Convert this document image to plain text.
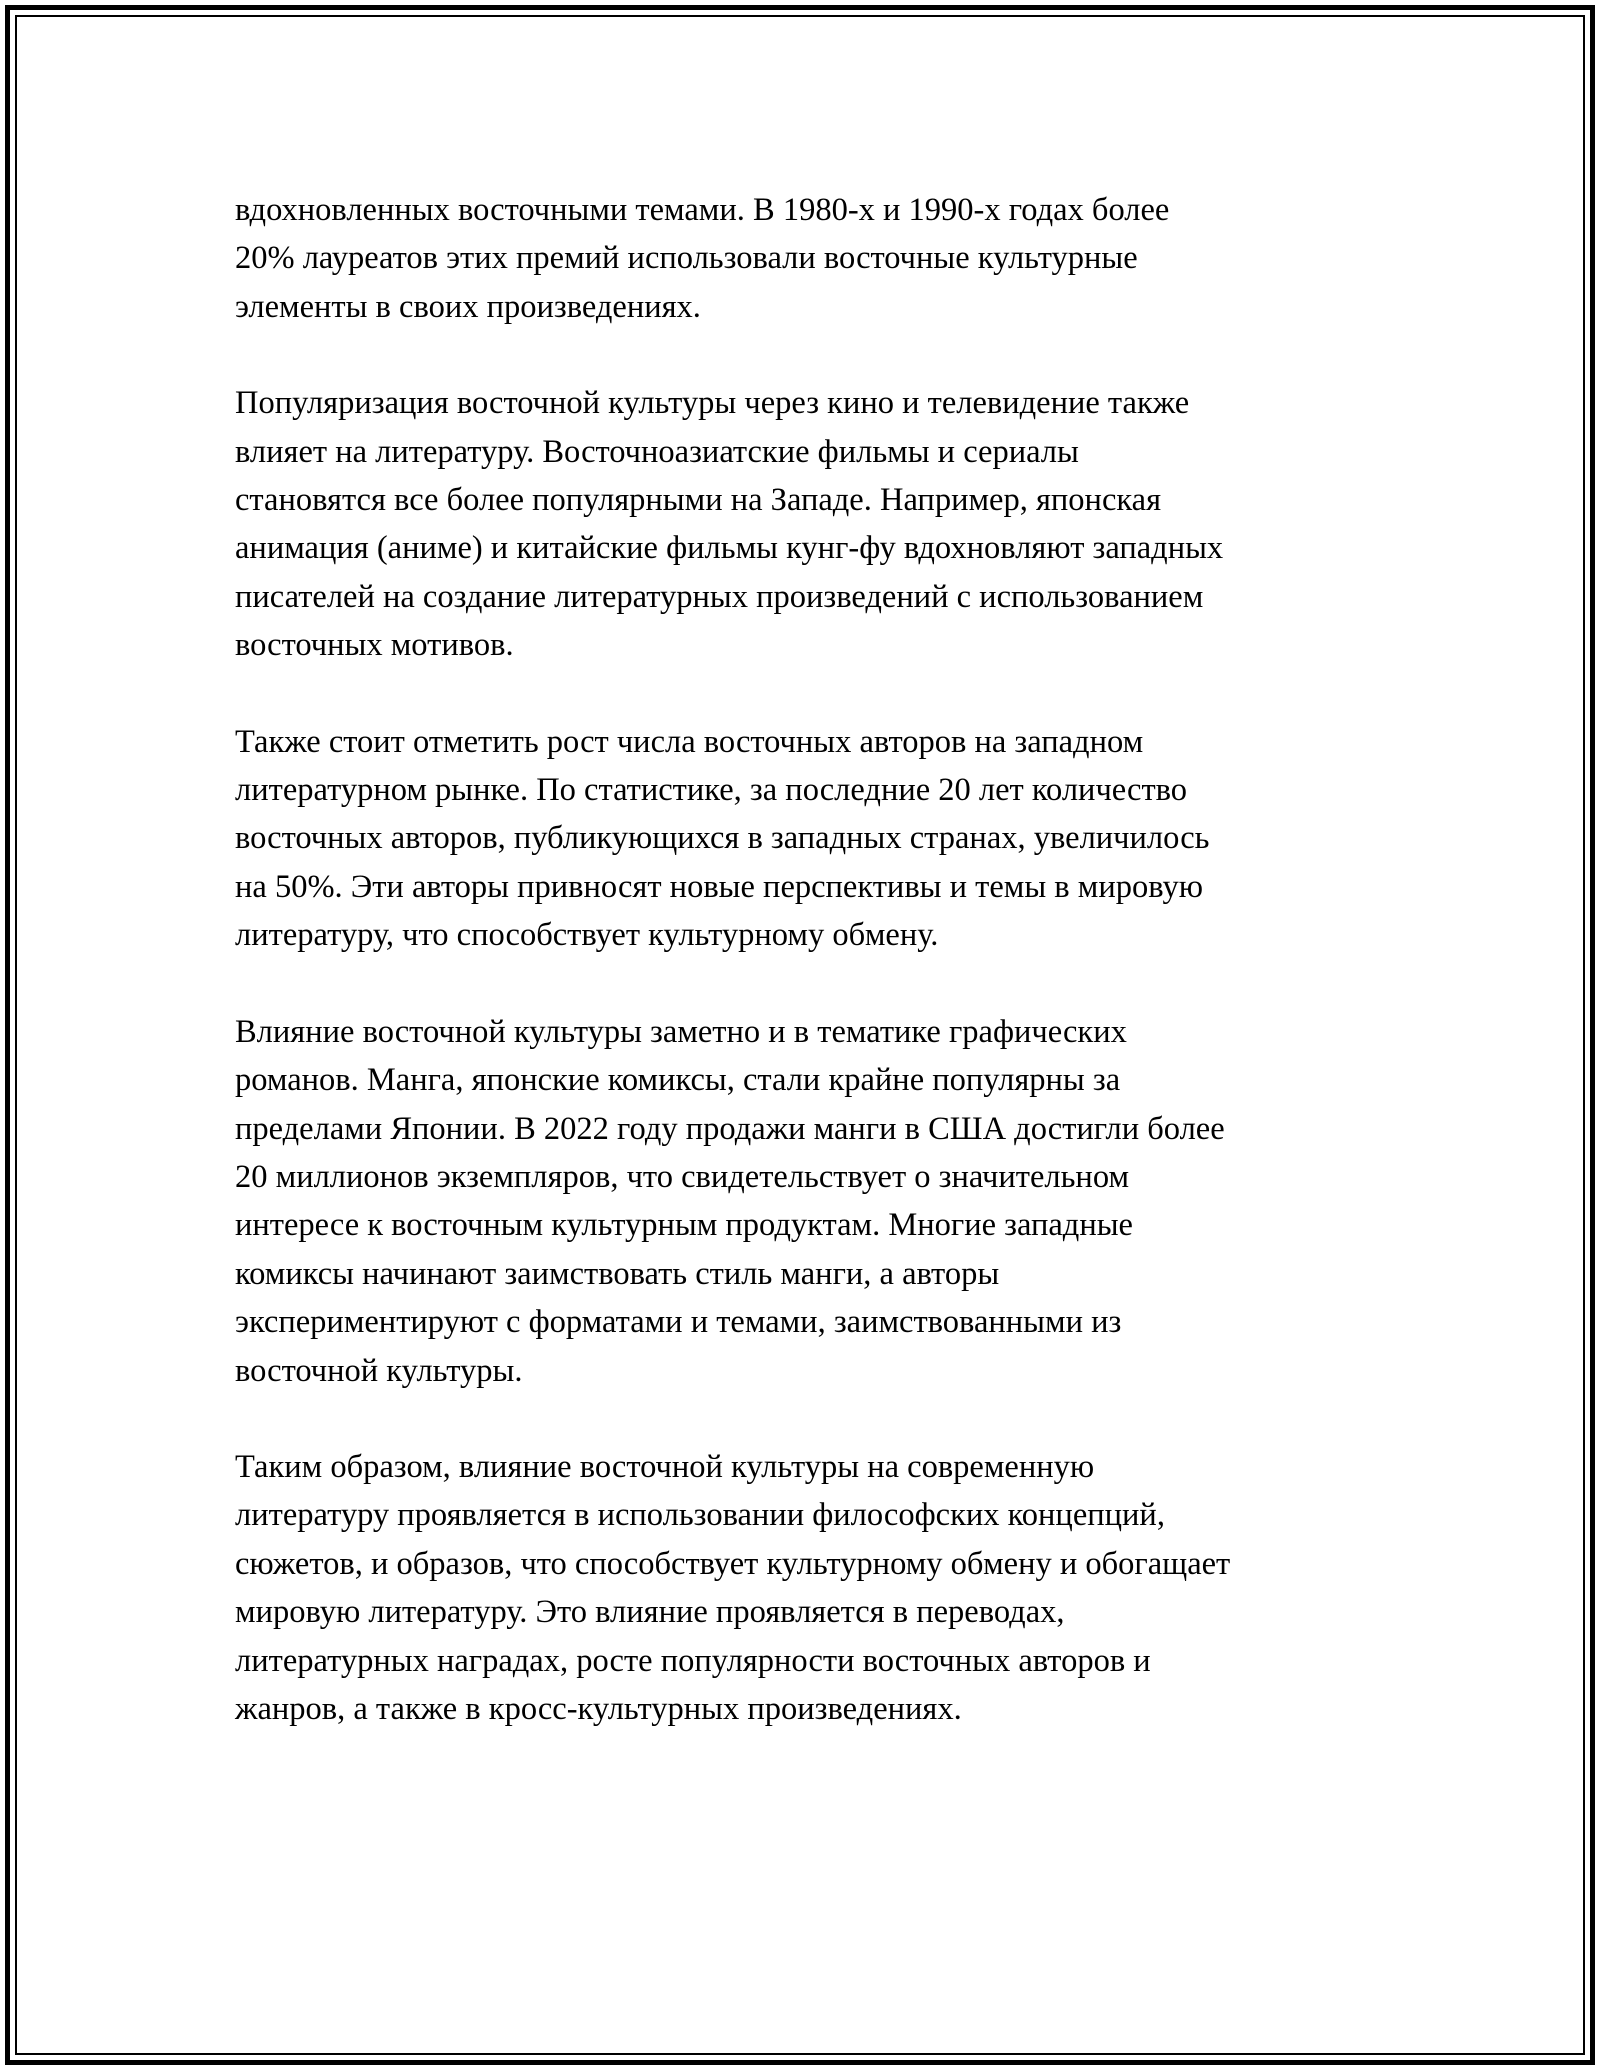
вдохновленных восточными темами. В 1980-х и 1990-х годах более
20% лауреатов этих премий использовали восточные культурные
элементы в своих произведениях.

Популяризация восточной культуры через кино и телевидение также
влияет на литературу. Восточноазиатские фильмы и сериалы
становятся все более популярными на Западе. Например, японская
анимация (аниме) и китайские фильмы кунг-фу вдохновляют западных
писателей на создание литературных произведений с использованием
восточных мотивов.

Также стоит отметить рост числа восточных авторов на западном
литературном рынке. По статистике, за последние 20 лет количество
восточных авторов, публикующихся в западных странах, увеличилось
на 50%. Эти авторы привносят новые перспективы и темы в мировую
литературу, что способствует культурному обмену.

Влияние восточной культуры заметно и в тематике графических
романов. Манга, японские комиксы, стали крайне популярны за
пределами Японии. В 2022 году продажи манги в США достигли более
20 миллионов экземпляров, что свидетельствует о значительном
интересе к восточным культурным продуктам. Многие западные
комиксы начинают заимствовать стиль манги, а авторы
экспериментируют с форматами и темами, заимствованными из
восточной культуры.

Таким образом, влияние восточной культуры на современную
литературу проявляется в использовании философских концепций,
сюжетов, и образов, что способствует культурному обмену и обогащает
мировую литературу. Это влияние проявляется в переводах,
литературных наградах, росте популярности восточных авторов и
жанров, а также в кросс-культурных произведениях.
